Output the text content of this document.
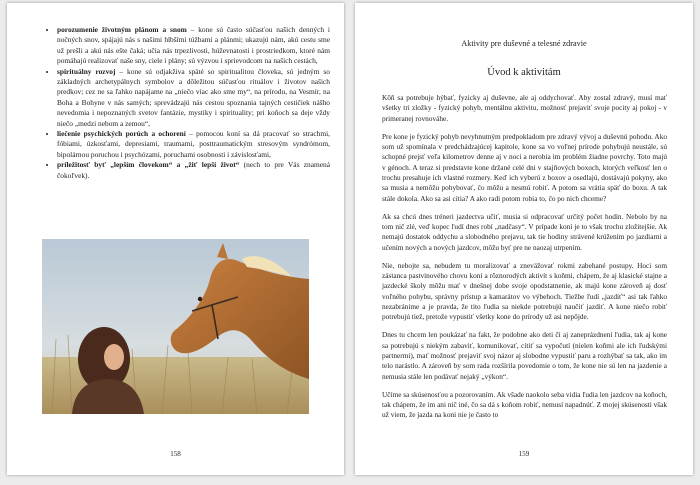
• porozumenie životným plánom a snom – kone sú často súčasťou našich denných i nočných snov, spájajú nás s našimi hlbšími túžbami a plánmi; ukazujú nám, akú cestu sme už prešli a akú nás ešte čaká; učia nás trpezlivosti, húževnatosti i prostriedkom, ktoré nám pomáhajú realizovať naše sny, ciele i plány; sú výzvou i sprievodcom na našich cestách,
• spirituálny rozvoj – kone sú odjakživa späté so spiritualitou človeka, sú jedným so základných archetypálnych symbolov a dôležitou súčasťou rituálov i životov našich predkov; cez ne sa ľahko napájame na „niečo viac ako sme my“, na prírodu, na Vesmír, na Boha a Bohyne v nás samých; sprevádzajú nás cestou spoznania tajných cestičiek nášho nevedomia i nepoznaných svetov fantázie, mystiky i spirituality; pri koňoch sa deje vždy niečo „medzi nebom a zemou“,
• liečenie psychických porúch a ochorení – pomocou koní sa dá pracovať so strachmi, fóbiami, úzkosťami, depresiami, traumami, posttraumatickým stresovým syndrómom, bipolárnou poruchou i psychózami, poruchami osobnosti i závislosťami,
• príležitosť byť „lepším človekom“ a „žiť lepší život“ (nech to pre Vás znamená čokoľvek).
158
Aktivity pre duševné a telesné zdravie
Úvod k aktivitám

Kôň sa potrebuje hýbať, fyzicky aj duševne, ale aj oddychovať. Aby zostal zdravý, musí mať všetky tri zložky - fyzický pohyb, mentálnu aktivitu, možnosť prejaviť svoje pocity aj pokoj - v primeranej rovnováhe.

Pre kone je fyzický pohyb nevyhnutným predpokladom pre zdravý vývoj a duševnú pohodu. Ako som už spomínala v predchádzajúcej kapitole, kone sa vo voľnej prírode pohybujú neustále, sú schopné prejsť veľa kilometrov denne aj v noci a nerobia im problém žiadne povrchy. Toto majú v génoch. A teraz si predstavte kone držané celé dni v stajňových boxoch, ktorých veľkosť len o trochu presahuje ich vlastné rozmery. Keď ich vyberú z boxov a osedlajú, dostávajú pokyny, ako sa musia a nemôžu pohybovať, čo môžu a nesmú robiť. A potom sa vrátia späť do boxu. A tak stále dokola. Ako sa asi cítia? A ako radi potom robia to, čo po nich chceme?

Ak sa chcú dnes tréneri jazdectva učiť, musia si odpracovať určitý počet hodín. Nebolo by na tom nič zlé, veď kopec ľudí dnes robí „nadčasy“. V prípade koní je to však trochu zložitejšie. Ak nemajú dostatok oddychu a slobodného prejavu, tak tie hodiny strávené krúžením po jazdiarni a učením nových a nových jazdcov, môžu byť pre ne naozaj utrpením.

Nie, nebojte sa, nebudem tu moralizovať a zneväžovať rokmi zabehané postupy. Hoci som zástanca pastvinového chovu koní a rôznorodých aktivít s koňmi, chápem, že aj klasické stajne a jazdecké školy môžu mať v dnešnej dobe svoje opodstatnenie, ak majú kone zároveň aj dosť voľného pohybu, správny prístup a kamarátov vo výbehoch. Tiežbe ľudí „jazdiť“ asi tak ľahko nezabránime a je pravda, že tito ľudia sa niekde potrebujú naučiť jazdiť. A kone niečo robiť potrebujú tiež, pretože vypustiť všetky kone do prírody už asi nepôjde.

Dnes tu chcem len poukázať na fakt, že podobne ako deti či aj zaneprázdnení ľudia, tak aj kone sa potrebujú s niekým zabaviť, komunikovať, cítiť sa vypočutí (nielen koňmi ale ich ľudskými partnermi), mať možnosť prejaviť svoj názor aj slobodne vypustiť paru a rozhýbať sa tak, ako im telo narástlo. A zároveň by som rada rozšírila povedomie o tom, že kone nie sú len na jazdenie a nemusia stále len podávať nejaký „výkon“.

Učíme sa skúsenosťou a pozorovaním. Ak všade naokolo seba vidia ľudia len jazdcov na koňoch, tak chápem, že im ani nič iné, čo sa dá s koňom robiť, nemusí napadnúť. Z mojej skúsenosti však už viem, že jazda na koni nie je často to

159
